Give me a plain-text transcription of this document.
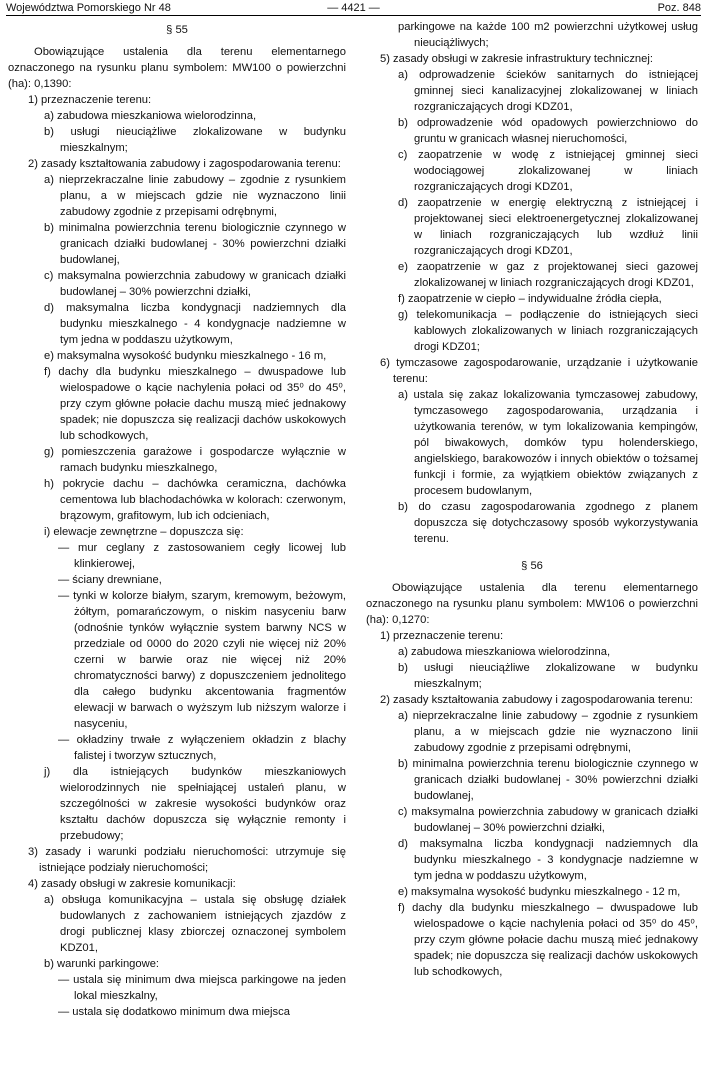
Województwa Pomorskiego Nr 48	— 4421 —	Poz. 848
§ 55
Obowiązujące ustalenia dla terenu elementarnego oznaczonego na rysunku planu symbolem: MW100 o powierzchni (ha): 0,1390:
1) przeznaczenie terenu:
a) zabudowa mieszkaniowa wielorodzinna,
b) usługi nieuciążliwe zlokalizowane w budynku mieszkalnym;
2) zasady kształtowania zabudowy i zagospodarowania terenu:
a) nieprzekraczalne linie zabudowy – zgodnie z rysunkiem planu, a w miejscach gdzie nie wyznaczono linii zabudowy zgodnie z przepisami odrębnymi,
b) minimalna powierzchnia terenu biologicznie czynnego w granicach działki budowlanej - 30% powierzchni działki budowlanej,
c) maksymalna powierzchnia zabudowy w granicach działki budowlanej – 30% powierzchni działki,
d) maksymalna liczba kondygnacji nadziemnych dla budynku mieszkalnego - 4 kondygnacje nadziemne w tym jedna w poddaszu użytkowym,
e) maksymalna wysokość budynku mieszkalnego - 16 m,
f) dachy dla budynku mieszkalnego – dwuspadowe lub wielospadowe o kącie nachylenia połaci od 35⁰ do 45⁰, przy czym główne połacie dachu muszą mieć jednakowy spadek; nie dopuszcza się realizacji dachów uskokowych lub schodkowych,
g) pomieszczenia garażowe i gospodarcze wyłącznie w ramach budynku mieszkalnego,
h) pokrycie dachu – dachówka ceramiczna, dachówka cementowa lub blachodachówka w kolorach: czerwonym, brązowym, grafitowym, lub ich odcieniach,
i) elewacje zewnętrzne – dopuszcza się:
— mur ceglany z zastosowaniem cegły licowej lub klinkierowej,
— ściany drewniane,
— tynki w kolorze białym, szarym, kremowym, beżowym, żółtym, pomarańczowym, o niskim nasyceniu barw (odnośnie tynków wyłącznie system barwny NCS w przedziale od 0000 do 2020 czyli nie więcej niż 20% czerni w barwie oraz nie więcej niż 20% chromatyczności barwy) z dopuszczeniem jednolitego dla całego budynku akcentowania fragmentów elewacji w barwach o wyższym lub niższym walorze i nasyceniu,
— okładziny trwałe z wyłączeniem okładzin z blachy falistej i tworzyw sztucznych,
j) dla istniejących budynków mieszkaniowych wielorodzinnych nie spełniającej ustaleń planu, w szczególności w zakresie wysokości budynków oraz kształtu dachów dopuszcza się wyłącznie remonty i przebudowy;
3) zasady i warunki podziału nieruchomości: utrzymuje się istniejące podziały nieruchomości;
4) zasady obsługi w zakresie komunikacji:
a) obsługa komunikacyjna – ustala się obsługę działek budowlanych z zachowaniem istniejących zjazdów z drogi publicznej klasy zbiorczej oznaczonej symbolem KDZ01,
b) warunki parkingowe:
— ustala się minimum dwa miejsca parkingowe na jeden lokal mieszkalny,
— ustala się dodatkowo minimum dwa miejsca
parkingowe na każde 100 m2 powierzchni użytkowej usług nieuciążliwych;
5) zasady obsługi w zakresie infrastruktury technicznej:
a) odprowadzenie ścieków sanitarnych do istniejącej gminnej sieci kanalizacyjnej zlokalizowanej w liniach rozgraniczających drogi KDZ01,
b) odprowadzenie wód opadowych powierzchniowo do gruntu w granicach własnej nieruchomości,
c) zaopatrzenie w wodę z istniejącej gminnej sieci wodociągowej zlokalizowanej w liniach rozgraniczających drogi KDZ01,
d) zaopatrzenie w energię elektryczną z istniejącej i projektowanej sieci elektroenergetycznej zlokalizowanej w liniach rozgraniczających lub wzdłuż linii rozgraniczających drogi KDZ01,
e) zaopatrzenie w gaz z projektowanej sieci gazowej zlokalizowanej w liniach rozgraniczających drogi KDZ01,
f) zaopatrzenie w ciepło – indywidualne źródła ciepła,
g) telekomunikacja – podłączenie do istniejących sieci kablowych zlokalizowanych w liniach rozgraniczających drogi KDZ01;
6) tymczasowe zagospodarowanie, urządzanie i użytkowanie terenu:
a) ustala się zakaz lokalizowania tymczasowej zabudowy, tymczasowego zagospodarowania, urządzania i użytkowania terenów, w tym lokalizowania kempingów, pól biwakowych, domków typu holenderskiego, angielskiego, barakowozów i innych obiektów o tożsamej funkcji i formie, za wyjątkiem obiektów związanych z procesem budowlanym,
b) do czasu zagospodarowania zgodnego z planem dopuszcza się dotychczasowy sposób wykorzystywania terenu.
§ 56
Obowiązujące ustalenia dla terenu elementarnego oznaczonego na rysunku planu symbolem: MW106 o powierzchni (ha): 0,1270:
1) przeznaczenie terenu:
a) zabudowa mieszkaniowa wielorodzinna,
b) usługi nieuciążliwe zlokalizowane w budynku mieszkalnym;
2) zasady kształtowania zabudowy i zagospodarowania terenu:
a) nieprzekraczalne linie zabudowy – zgodnie z rysunkiem planu, a w miejscach gdzie nie wyznaczono linii zabudowy zgodnie z przepisami odrębnymi,
b) minimalna powierzchnia terenu biologicznie czynnego w granicach działki budowlanej - 30% powierzchni działki budowlanej,
c) maksymalna powierzchnia zabudowy w granicach działki budowlanej – 30% powierzchni działki,
d) maksymalna liczba kondygnacji nadziemnych dla budynku mieszkalnego - 3 kondygnacje nadziemne w tym jedna w poddaszu użytkowym,
e) maksymalna wysokość budynku mieszkalnego - 12 m,
f) dachy dla budynku mieszkalnego – dwuspadowe lub wielospadowe o kącie nachylenia połaci od 35⁰ do 45⁰, przy czym główne połacie dachu muszą mieć jednakowy spadek; nie dopuszcza się realizacji dachów uskokowych lub schodkowych,
